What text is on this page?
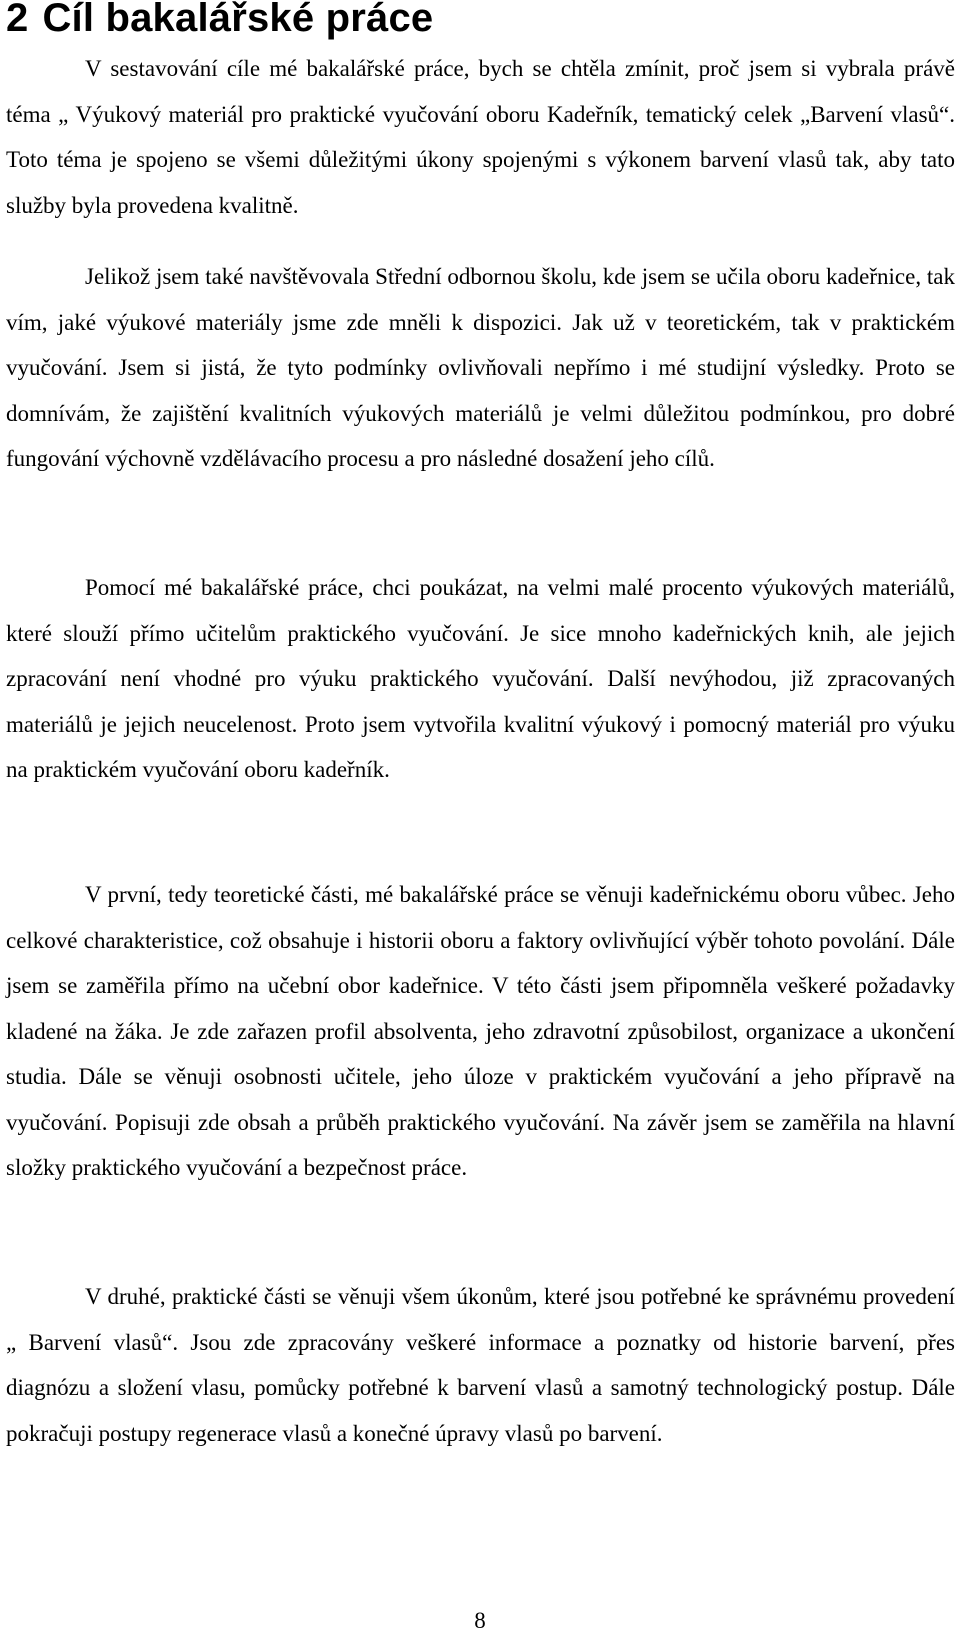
2 Cíl bakalářské práce

V sestavování cíle mé bakalářské práce, bych se chtěla zmínit, proč jsem si vybrala právě téma „ Výukový materiál pro praktické vyučování oboru Kadeřník, tematický celek „Barvení vlasů“. Toto téma je spojeno se všemi důležitými úkony spojenými s výkonem barvení vlasů tak, aby tato služby byla provedena kvalitně.

Jelikož jsem také navštěvovala Střední odbornou školu, kde jsem se učila oboru kadeřnice, tak vím, jaké výukové materiály jsme zde mněli k dispozici. Jak už v teoretickém, tak v praktickém vyučování. Jsem si jistá, že tyto podmínky ovlivňovali nepřímo i mé studijní výsledky. Proto se domnívám, že zajištění kvalitních výukových materiálů je velmi důležitou podmínkou, pro dobré fungování výchovně vzdělávacího procesu a pro následné dosažení jeho cílů.

Pomocí mé bakalářské práce, chci poukázat, na velmi malé procento výukových materiálů, které slouží přímo učitelům praktického vyučování. Je sice mnoho kadeřnických knih, ale jejich zpracování není vhodné pro výuku praktického vyučování. Další nevýhodou, již zpracovaných materiálů je jejich neucelenost. Proto jsem vytvořila kvalitní výukový i pomocný materiál pro výuku na praktickém vyučování oboru kadeřník.

V první, tedy teoretické části, mé bakalářské práce se věnuji kadeřnickému oboru vůbec. Jeho celkové charakteristice, což obsahuje i historii oboru a faktory ovlivňující výběr tohoto povolání. Dále jsem se zaměřila přímo na učební obor kadeřnice. V této části jsem připomněla veškeré požadavky kladené na žáka. Je zde zařazen profil absolventa, jeho zdravotní způsobilost, organizace a ukončení studia. Dále se věnuji osobnosti učitele, jeho úloze v praktickém vyučování a jeho přípravě na vyučování. Popisuji zde obsah a průběh praktického vyučování. Na závěr jsem se zaměřila na hlavní složky praktického vyučování a bezpečnost práce.

V druhé, praktické části se věnuji všem úkonům, které jsou potřebné ke správnému provedení „ Barvení vlasů“. Jsou zde zpracovány veškeré informace a poznatky od historie barvení, přes diagnózu a složení vlasu, pomůcky potřebné k barvení vlasů a samotný technologický postup. Dále pokračuji postupy regenerace vlasů a konečné úpravy vlasů po barvení.

8
